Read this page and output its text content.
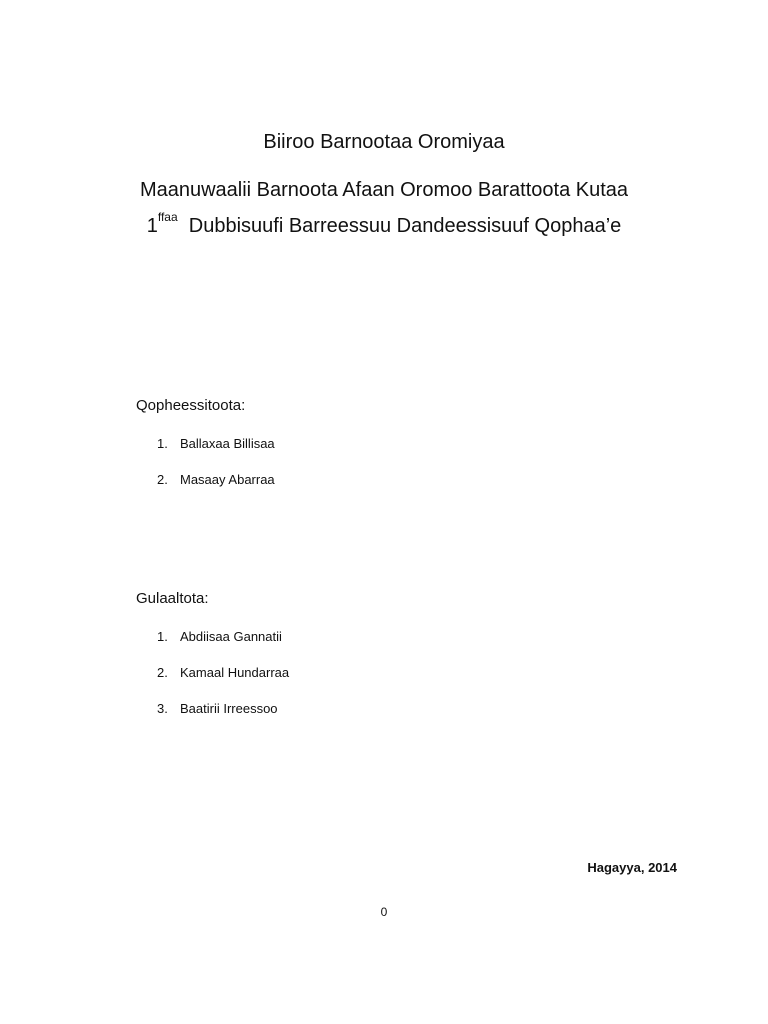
Biiroo Barnootaa Oromiyaa
Maanuwaalii Barnoota Afaan Oromoo Barattoota Kutaa
$1^{ffaa}$ Dubbisuufi Barreessuu Dandeessisuuf Qophaa’e
Qopheessitoota:
1. Ballaxaa Billisaa
2. Masaay Abarraa
Gulaaltota:
1. Abdiisaa Gannatii
2. Kamaal Hundarraa
3. Baatirii Irreessoo
Hagayya, 2014
0
